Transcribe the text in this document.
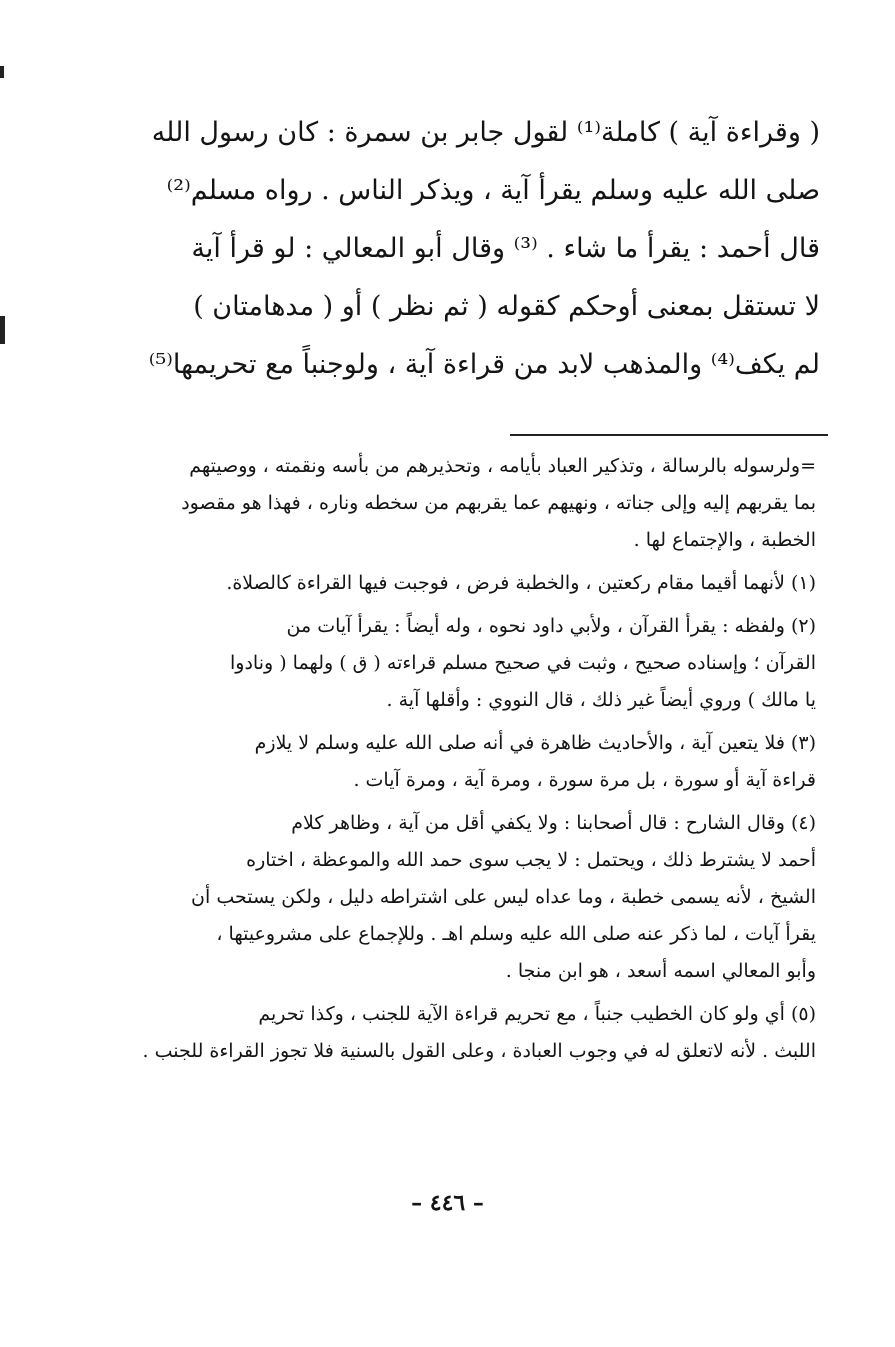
( وقراءة آية ) كاملة⁽¹⁾ لقول جابر بن سمرة : كان رسول الله
صلى الله عليه وسلم يقرأ آية ، ويذكر الناس . رواه مسلم⁽²⁾
قال أحمد : يقرأ ما شاء . ⁽³⁾ وقال أبو المعالي : لو قرأ آية
لا تستقل بمعنى أوحكم كقوله ( ثم نظر ) أو ( مدهامتان )
لم يكف⁽⁴⁾ والمذهب لابد من قراءة آية ، ولوجنباً مع تحريمها⁽⁵⁾
=ولرسوله بالرسالة ، وتذكير العباد بأيامه ، وتحذيرهم من بأسه ونقمته ، ووصيتهم
بما يقربهم إليه وإلى جناته ، ونهيهم عما يقربهم من سخطه وناره ، فهذا هو مقصود
الخطبة ، والإجتماع لها .
(١) لأنهما أقيما مقام ركعتين ، والخطبة فرض ، فوجبت فيها القراءة كالصلاة.
(٢) ولفظه : يقرأ القرآن ، ولأبي داود نحوه ، وله أيضاً : يقرأ آيات من
القرآن ؛ وإسناده صحيح ، وثبت في صحيح مسلم قراءته ( ق ) ولهما ( ونادوا
يا مالك ) وروي أيضاً غير ذلك ، قال النووي : وأقلها آية .
(٣) فلا يتعين آية ، والأحاديث ظاهرة في أنه صلى الله عليه وسلم لا يلازم
قراءة آية أو سورة ، بل مرة سورة ، ومرة آية ، ومرة آيات .
(٤) وقال الشارح : قال أصحابنا : ولا يكفي أقل من آية ، وظاهر كلام
أحمد لا يشترط ذلك ، ويحتمل : لا يجب سوى حمد الله والموعظة ، اختاره
الشيخ ، لأنه يسمى خطبة ، وما عداه ليس على اشتراطه دليل ، ولكن يستحب أن
يقرأ آيات ، لما ذكر عنه صلى الله عليه وسلم اهـ . وللإجماع على مشروعيتها ،
وأبو المعالي اسمه أسعد ، هو ابن منجا .
(٥) أي ولو كان الخطيب جنباً ، مع تحريم قراءة الآية للجنب ، وكذا تحريم
اللبث . لأنه لاتعلق له في وجوب العبادة ، وعلى القول بالسنية فلا تجوز القراءة للجنب .
– ٤٤٦ –
